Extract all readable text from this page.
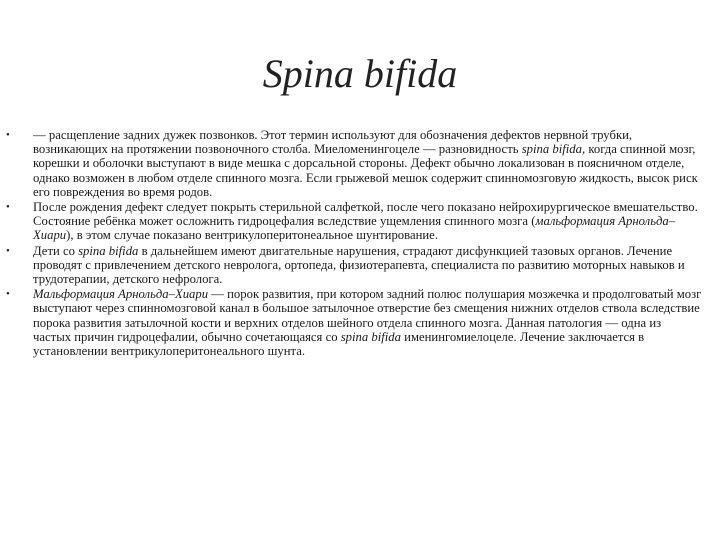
Spina bifida
• — расщепление задних дужек позвонков. Этот термин используют для обозначения дефектов нервной трубки, возникающих на протяжении позвоночного столба. Миеломенингоцеле — разновидность spina bifida, когда спинной мозг, корешки и оболочки выступают в виде мешка с дорсальной стороны. Дефект обычно локализован в поясничном отделе, однако возможен в любом отделе спинного мозга. Если грыжевой мешок содержит спинномозговую жидкость, высок риск его повреждения во время родов.
• После рождения дефект следует покрыть стерильной салфеткой, после чего показано нейрохирургическое вмешательство. Состояние ребёнка может осложнить гидроцефалия вследствие ущемления спинного мозга (мальформация Арнольда–Хиари), в этом случае показано вентрикулоперитонеальное шунтирование.
• Дети со spina bifida в дальнейшем имеют двигательные нарушения, страдают дисфункцией тазовых органов. Лечение проводят с привлечением детского невролога, ортопеда, физиотерапевта, специалиста по развитию моторных навыков и трудотерапии, детского нефролога.
• Мальформация Арнольда–Хиари — порок развития, при котором задний полюс полушария мозжечка и продолговатый мозг выступают через спинномозговой канал в большое затылочное отверстие без смещения нижних отделов ствола вследствие порока развития затылочной кости и верхних отделов шейного отдела спинного мозга. Данная патология — одна из частых причин гидроцефалии, обычно сочетающаяся со spina bifida именингомиелоцеле. Лечение заключается в установлении вентрикулоперитонеального шунта.
